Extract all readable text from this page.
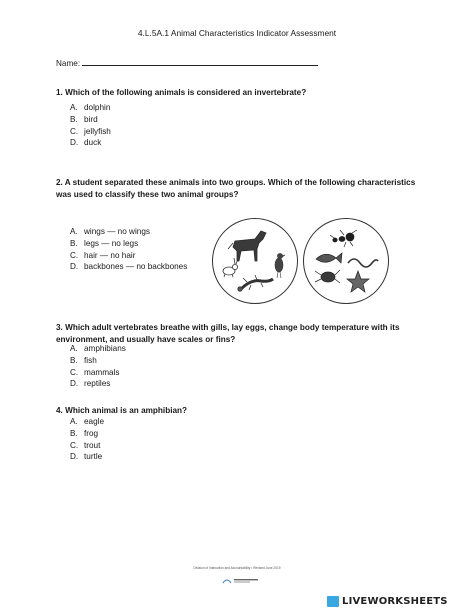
4.L.5A.1 Animal Characteristics Indicator Assessment
Name:
1. Which of the following animals is considered an invertebrate?
A. dolphin
B. bird
C. jellyfish
D. duck
2. A student separated these animals into two groups. Which of the following characteristics was used to classify these two animal groups?
A. wings — no wings
B. legs — no legs
C. hair — no hair
D. backbones — no backbones
3. Which adult vertebrates breathe with gills, lay eggs, change body temperature with its environment, and usually have scales or fins?
A. amphibians
B. fish
C. mammals
D. reptiles
4. Which animal is an amphibian?
A. eagle
B. frog
C. trout
D. turtle
Division of Instruction and Accountability • Revised June 2019
LIVEWORKSHEETS
